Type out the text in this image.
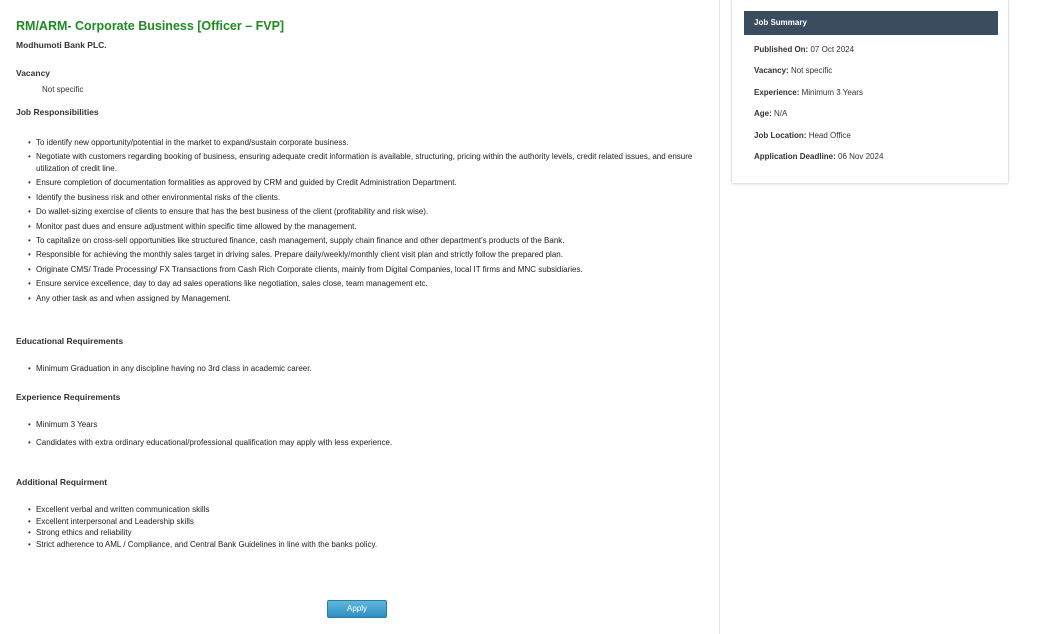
RM/ARM- Corporate Business [Officer – FVP]
Modhumoti Bank PLC.
Vacancy
Not specific
Job Responsibilities
• To identify new opportunity/potential in the market to expand/sustain corporate business.
• Negotiate with customers regarding booking of business, ensuring adequate credit information is available, structuring, pricing within the authority levels, credit related issues, and ensure utilization of credit line.
• Ensure completion of documentation formalities as approved by CRM and guided by Credit Administration Department.
• Identify the business risk and other environmental risks of the clients.
• Do wallet-sizing exercise of clients to ensure that has the best business of the client (profitability and risk wise).
• Monitor past dues and ensure adjustment within specific time allowed by the management.
• To capitalize on cross-sell opportunities like structured finance, cash management, supply chain finance and other department's products of the Bank.
• Responsible for achieving the monthly sales target in driving sales. Prepare daily/weekly/monthly client visit plan and strictly follow the prepared plan.
• Originate CMS/ Trade Processing/ FX Transactions from Cash Rich Corporate clients, mainly from Digital Companies, local IT firms and MNC subsidiaries.
• Ensure service excellence, day to day ad sales operations like negotiation, sales close, team management etc.
• Any other task as and when assigned by Management.
Educational Requirements
• Minimum Graduation in any discipline having no 3rd class in academic career.
Experience Requirements
• Minimum 3 Years
• Candidates with extra ordinary educational/professional qualification may apply with less experience.
Additional Requirment
• Excellent verbal and written communication skills
• Excellent interpersonal and Leadership skills
• Strong ethics and reliability
• Strict adherence to AML / Compliance, and Central Bank Guidelines in line with the banks policy.
Apply
Job Summary
Published On: 07 Oct 2024
Vacancy: Not specific
Experience: Minimum 3 Years
Age: N/A
Job Location: Head Office
Application Deadline: 06 Nov 2024
